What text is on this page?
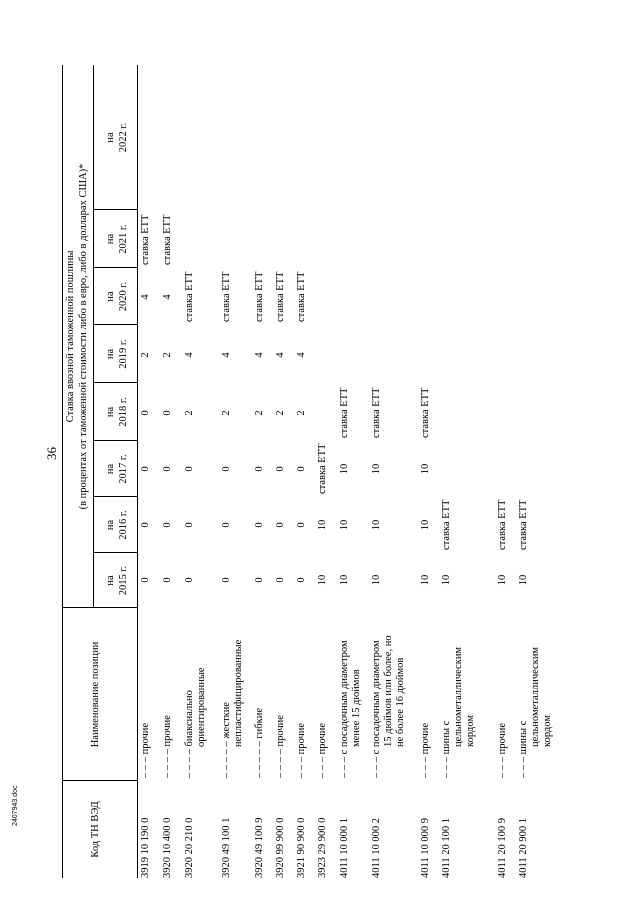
36
Код ТН ВЭД
Наименование позиции
Ставка ввозной таможенной пошлины (в процентах от таможенной стоимости либо в евро, либо в долларах США)*
на 2015 г.
на 2016 г.
на 2017 г.
на 2018 г.
на 2019 г.
на 2020 г.
на 2021 г.
на 2022 г.
3919 10 190 0
– – – прочие
0
0
0
0
2
4
ставка ЕТТ
3920 10 400 0
– – – – прочие
0
0
0
0
2
4
ставка ЕТТ
3920 20 210 0
– – – – биаксиально ориентированные
0
0
0
2
4
ставка ЕТТ
3920 49 100 1
– – – – – жесткие непластифицированные
0
0
0
2
4
ставка ЕТТ
3920 49 100 9
– – – – – гибкие
0
0
0
2
4
ставка ЕТТ
3920 99 900 0
– – – – прочие
0
0
0
2
4
ставка ЕТТ
3921 90 900 0
– – – прочие
0
0
0
2
4
ставка ЕТТ
3923 29 900 0
– – – прочие
10
10
ставка ЕТТ
4011 10 000 1
– – – с посадочным диаметром менее 15 дюймов
10
10
10
ставка ЕТТ
4011 10 000 2
– – – с посадочным диаметром 15 дюймов или более, но не более 16 дюймов
10
10
10
ставка ЕТТ
4011 10 000 9
– – – прочие
10
10
10
ставка ЕТТ
4011 20 100 1
– – – шины с
цельнометаллическим кордом
10
ставка ЕТТ
4011 20 100 9
– – – прочие
10
ставка ЕТТ
4011 20 900 1
– – – шины с
цельнометаллическим кордом
10
ставка ЕТТ
2407943.doc
